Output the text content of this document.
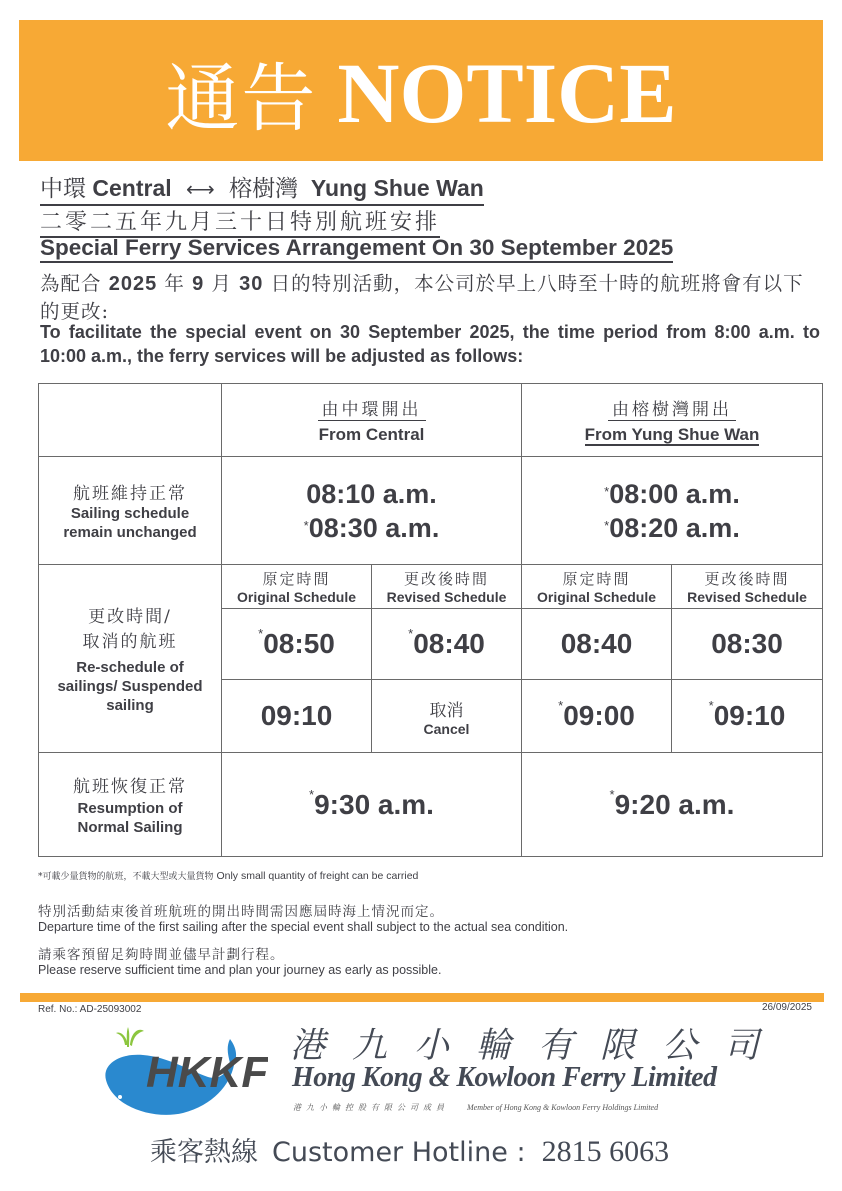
通告 NOTICE
中環 Central ⟷ 榕樹灣 Yung Shue Wan
二零二五年九月三十日特別航班安排
Special Ferry Services Arrangement On 30 September 2025
為配合 2025 年 9 月 30 日的特別活動，本公司於早上八時至十時的航班將會有以下的更改:
To facilitate the special event on 30 September 2025, the time period from 8:00 a.m. to 10:00 a.m., the ferry services will be adjusted as follows:
	由中環開出
From Central		由榕樹灣開出
From Yung Shue Wan	

航班維持正常
Sailing schedule
remain unchanged

08:10 a.m.
*08:30 a.m.

*08:00 a.m.
*08:20 a.m.

更改時間/
取消的航班
Re-schedule of
sailings/ Suspended
sailing	原定時間
Original Schedule	更改後時間
Revised Schedule	原定時間
Original Schedule	更改後時間
Revised Schedule

	*08:50	*08:40	08:40	08:30
	09:10	取消
Cancel	*09:00	*09:10

航班恢復正常
Resumption of
Normal Sailing	*9:30 a.m.		*9:20 a.m.	
*可載少量貨物的航班，不載大型或大量貨物 Only small quantity of freight can be carried
特別活動結束後首班航班的開出時間需因應屆時海上情況而定。
Departure time of the first sailing after the special event shall subject to the actual sea condition.
請乘客預留足夠時間並儘早計劃行程。
Please reserve sufficient time and plan your journey as early as possible.
Ref. No.: AD-25093002	26/09/2025
HKKF
港九小輪有限公司
Hong Kong & Kowloon Ferry Limited
港九小輪控股有限公司成員 Member of Hong Kong & Kowloon Ferry Holdings Limited
乘客熱線 Customer Hotline : 2815 6063
